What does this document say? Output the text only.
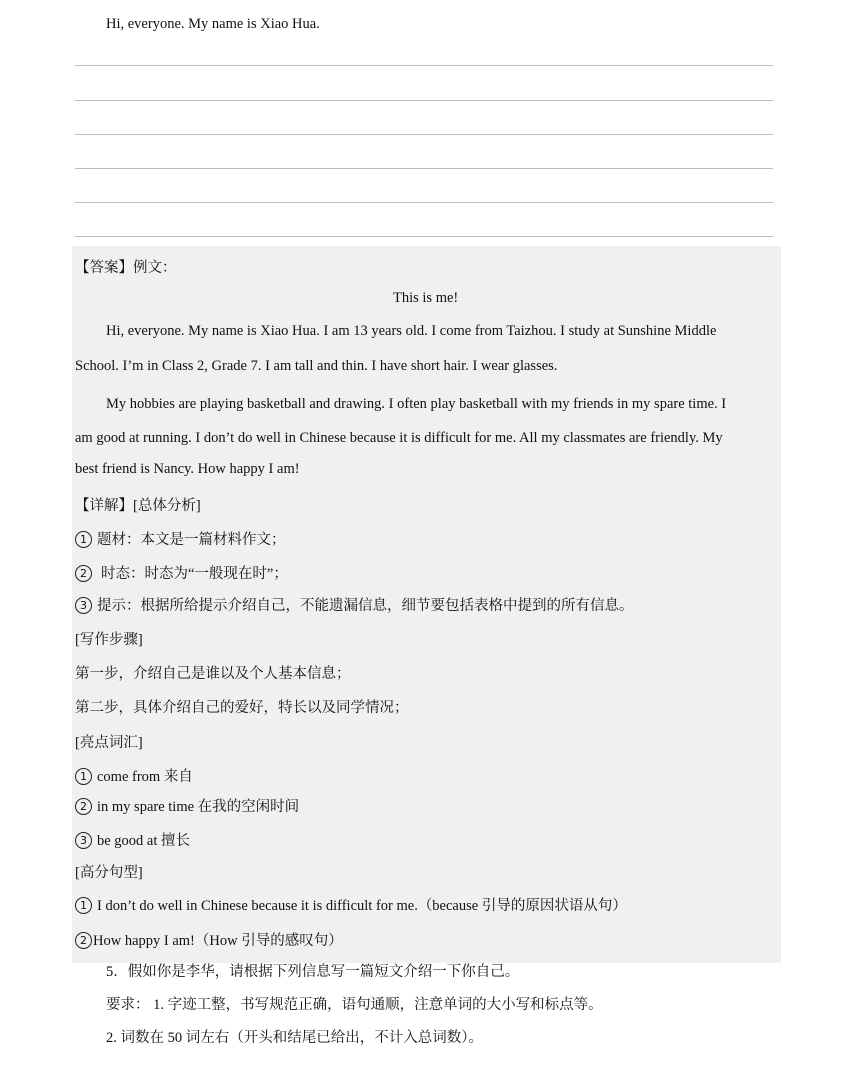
Hi, everyone. My name is Xiao Hua.
【答案】例文：
This is me!
Hi, everyone. My name is Xiao Hua. I am 13 years old. I come from Taizhou. I study at Sunshine Middle
School. I’m in Class 2, Grade 7. I am tall and thin. I have short hair. I wear glasses.
My hobbies are playing basketball and drawing. I often play basketball with my friends in my spare time. I
am good at running. I don’t do well in Chinese because it is difficult for me. All my classmates are friendly. My
best friend is Nancy. How happy I am!
【详解】[总体分析]
1 题材：本文是一篇材料作文；
2 时态：时态为“一般现在时”；
3 提示：根据所给提示介绍自己，不能遗漏信息，细节要包括表格中提到的所有信息。
[写作步骤]
第一步，介绍自己是谁以及个人基本信息；
第二步，具体介绍自己的爱好，特长以及同学情况；
[亮点词汇]
1 come from 来自
2 in my spare time 在我的空闲时间
3 be good at 擅长
[高分句型]
1 I don’t do well in Chinese because it is difficult for me.（because 引导的原因状语从句）
2 How happy I am!（How 引导的感叹句）
5．假如你是李华，请根据下列信息写一篇短文介绍一下你自己。
要求： 1. 字迹工整，书写规范正确，语句通顺，注意单词的大小写和标点等。
2. 词数在 50 词左右（开头和结尾已给出，不计入总词数）。
